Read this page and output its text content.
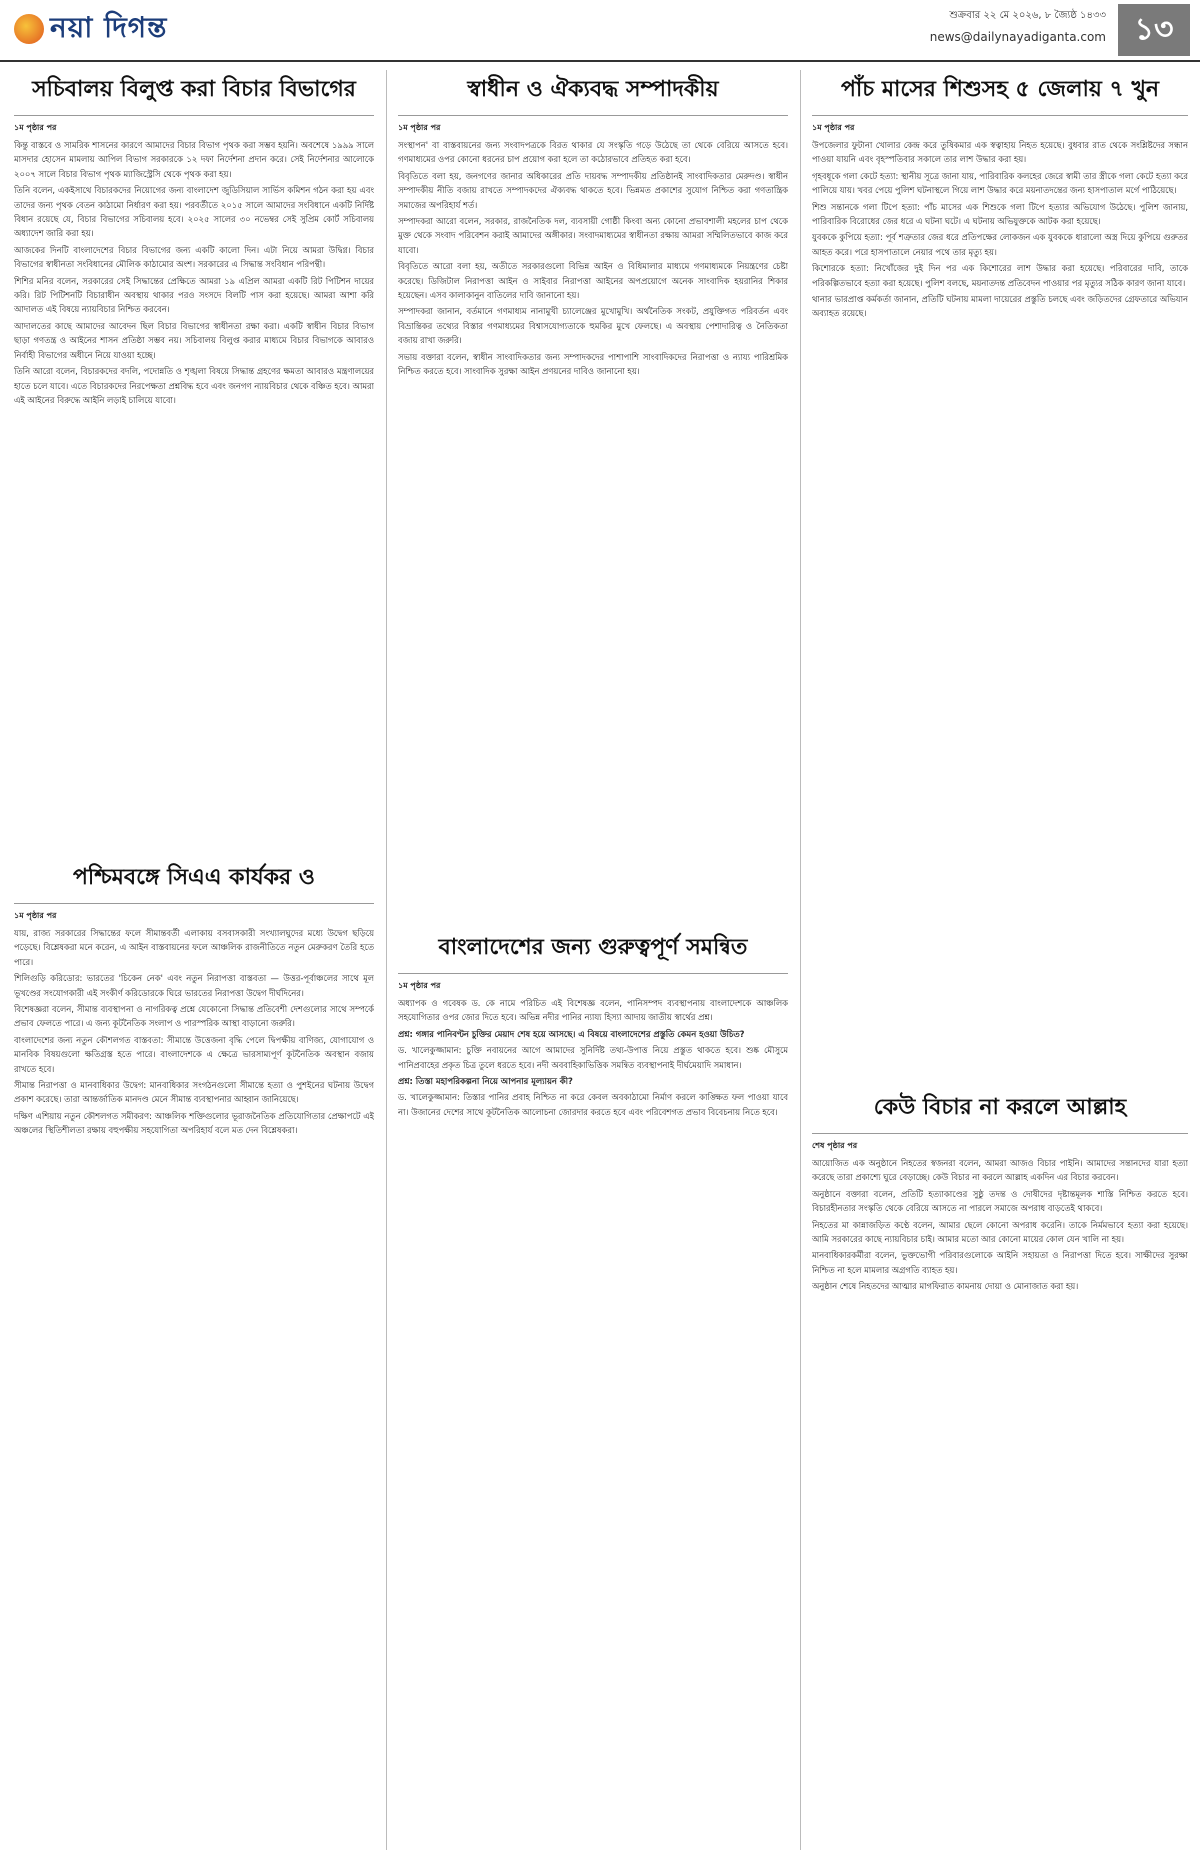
নয়া দিগন্ত	শুক্রবার ২২ মে ২০২৬, ৮ জ্যৈষ্ঠ ১৪৩৩
news@dailynayadiganta.com ১৩
সচিবালয় বিলুপ্ত করা বিচার বিভাগের
১ম পৃষ্ঠার পর

কিন্তু বাস্তবে ও সামরিক শাসনের কারণে আমাদের বিচার বিভাগ পৃথক করা সম্ভব হয়নি। অবশেষে ১৯৯৯ সালে মাসদার হোসেন মামলায় আপিল বিভাগ সরকারকে ১২ দফা নির্দেশনা প্রদান করে। সেই নির্দেশনার আলোকে ২০০৭ সালে বিচার বিভাগ পৃথক ম্যাজিস্ট্রেসি থেকে পৃথক করা হয়।

তিনি বলেন, একইসাথে বিচারকদের নিয়োগের জন্য বাংলাদেশ জুডিসিয়াল সার্ভিস কমিশন গঠন করা হয় এবং তাদের জন্য পৃথক বেতন কাঠামো নির্ধারণ করা হয়। পরবর্তীতে ২০১৫ সালে আমাদের সংবিধানে একটি নির্দিষ্ট বিধান রয়েছে যে, বিচার বিভাগের সচিবালয় হবে। ২০২৫ সালের ৩০ নভেম্বর সেই সুপ্রিম কোর্ট সচিবালয় অধ্যাদেশ জারি করা হয়।

আজকের দিনটি বাংলাদেশের বিচার বিভাগের জন্য একটি কালো দিন। এটা নিয়ে আমরা উদ্বিগ্ন। বিচার বিভাগের স্বাধীনতা সংবিধানের মৌলিক কাঠামোর অংশ। সরকারের এ সিদ্ধান্ত সংবিধান পরিপন্থী।

শিশির মনির বলেন, সরকারের সেই সিদ্ধান্তের প্রেক্ষিতে আমরা ১৯ এপ্রিল আমরা একটি রিট পিটিশন দায়ের করি। রিট পিটিশনটি বিচারাধীন অবস্থায় থাকার পরও সংসদে বিলটি পাস করা হয়েছে। আমরা আশা করি আদালত এই বিষয়ে ন্যায়বিচার নিশ্চিত করবেন।

আদালতের কাছে আমাদের আবেদন ছিল বিচার বিভাগের স্বাধীনতা রক্ষা করা। একটি স্বাধীন বিচার বিভাগ ছাড়া গণতন্ত্র ও আইনের শাসন প্রতিষ্ঠা সম্ভব নয়। সচিবালয় বিলুপ্ত করার মাধ্যমে বিচার বিভাগকে আবারও নির্বাহী বিভাগের অধীনে নিয়ে যাওয়া হচ্ছে।

তিনি আরো বলেন, বিচারকদের বদলি, পদোন্নতি ও শৃঙ্খলা বিষয়ে সিদ্ধান্ত গ্রহণের ক্ষমতা আবারও মন্ত্রণালয়ের হাতে চলে যাবে। এতে বিচারকদের নিরপেক্ষতা প্রশ্নবিদ্ধ হবে এবং জনগণ ন্যায়বিচার থেকে বঞ্চিত হবে। আমরা এই আইনের বিরুদ্ধে আইনি লড়াই চালিয়ে যাবো।

পশ্চিমবঙ্গে সিএএ কার্যকর ও
১ম পৃষ্ঠার পর

যায়, রাজ্য সরকারের সিদ্ধান্তের ফলে সীমান্তবর্তী এলাকায় বসবাসকারী সংখ্যালঘুদের মধ্যে উদ্বেগ ছড়িয়ে পড়েছে। বিশ্লেষকরা মনে করেন, এ আইন বাস্তবায়নের ফলে আঞ্চলিক রাজনীতিতে নতুন মেরুকরণ তৈরি হতে পারে।

শিলিগুড়ি করিডোর: ভারতের 'চিকেন নেক' এবং নতুন নিরাপত্তা বাস্তবতা — উত্তর-পূর্বাঞ্চলের সাথে মূল ভূখণ্ডের সংযোগকারী এই সংকীর্ণ করিডোরকে ঘিরে ভারতের নিরাপত্তা উদ্বেগ দীর্ঘদিনের।

বিশেষজ্ঞরা বলেন, সীমান্ত ব্যবস্থাপনা ও নাগরিকত্ব প্রশ্নে যেকোনো সিদ্ধান্ত প্রতিবেশী দেশগুলোর সাথে সম্পর্কে প্রভাব ফেলতে পারে। এ জন্য কূটনৈতিক সংলাপ ও পারস্পরিক আস্থা বাড়ানো জরুরি।

বাংলাদেশের জন্য নতুন কৌশলগত বাস্তবতা: সীমান্তে উত্তেজনা বৃদ্ধি পেলে দ্বিপক্ষীয় বাণিজ্য, যোগাযোগ ও মানবিক বিষয়গুলো ক্ষতিগ্রস্ত হতে পারে। বাংলাদেশকে এ ক্ষেত্রে ভারসাম্যপূর্ণ কূটনৈতিক অবস্থান বজায় রাখতে হবে।

সীমান্ত নিরাপত্তা ও মানবাধিকার উদ্বেগ: মানবাধিকার সংগঠনগুলো সীমান্তে হত্যা ও পুশইনের ঘটনায় উদ্বেগ প্রকাশ করেছে। তারা আন্তর্জাতিক মানদণ্ড মেনে সীমান্ত ব্যবস্থাপনার আহ্বান জানিয়েছে।

দক্ষিণ এশিয়ায় নতুন কৌশলগত সমীকরণ: আঞ্চলিক শক্তিগুলোর ভূরাজনৈতিক প্রতিযোগিতার প্রেক্ষাপটে এই অঞ্চলের স্থিতিশীলতা রক্ষায় বহুপক্ষীয় সহযোগিতা অপরিহার্য বলে মত দেন বিশ্লেষকরা।

স্বাধীন ও ঐক্যবদ্ধ সম্পাদকীয়
১ম পৃষ্ঠার পর

সংস্থাপন' বা বাস্তবায়নের জন্য সংবাদপত্রকে বিরত থাকার যে সংস্কৃতি গড়ে উঠেছে তা থেকে বেরিয়ে আসতে হবে। গণমাধ্যমের ওপর কোনো ধরনের চাপ প্রয়োগ করা হলে তা কঠোরভাবে প্রতিহত করা হবে।

বিবৃতিতে বলা হয়, জনগণের জানার অধিকারের প্রতি দায়বদ্ধ সম্পাদকীয় প্রতিষ্ঠানই সাংবাদিকতার মেরুদণ্ড। স্বাধীন সম্পাদকীয় নীতি বজায় রাখতে সম্পাদকদের ঐক্যবদ্ধ থাকতে হবে। ভিন্নমত প্রকাশের সুযোগ নিশ্চিত করা গণতান্ত্রিক সমাজের অপরিহার্য শর্ত।

সম্পাদকরা আরো বলেন, সরকার, রাজনৈতিক দল, ব্যবসায়ী গোষ্ঠী কিংবা অন্য কোনো প্রভাবশালী মহলের চাপ থেকে মুক্ত থেকে সংবাদ পরিবেশন করাই আমাদের অঙ্গীকার। সংবাদমাধ্যমের স্বাধীনতা রক্ষায় আমরা সম্মিলিতভাবে কাজ করে যাবো।

বিবৃতিতে আরো বলা হয়, অতীতে সরকারগুলো বিভিন্ন আইন ও বিধিমালার মাধ্যমে গণমাধ্যমকে নিয়ন্ত্রণের চেষ্টা করেছে। ডিজিটাল নিরাপত্তা আইন ও সাইবার নিরাপত্তা আইনের অপপ্রয়োগে অনেক সাংবাদিক হয়রানির শিকার হয়েছেন। এসব কালাকানুন বাতিলের দাবি জানানো হয়।

সম্পাদকরা জানান, বর্তমানে গণমাধ্যম নানামুখী চ্যালেঞ্জের মুখোমুখি। অর্থনৈতিক সংকট, প্রযুক্তিগত পরিবর্তন এবং বিভ্রান্তিকর তথ্যের বিস্তার গণমাধ্যমের বিশ্বাসযোগ্যতাকে হুমকির মুখে ফেলছে। এ অবস্থায় পেশাদারিত্ব ও নৈতিকতা বজায় রাখা জরুরি।

সভায় বক্তারা বলেন, স্বাধীন সাংবাদিকতার জন্য সম্পাদকদের পাশাপাশি সাংবাদিকদের নিরাপত্তা ও ন্যায্য পারিশ্রমিক নিশ্চিত করতে হবে। সাংবাদিক সুরক্ষা আইন প্রণয়নের দাবিও জানানো হয়।

বাংলাদেশের জন্য গুরুত্বপূর্ণ সমন্বিত
১ম পৃষ্ঠার পর

অধ্যাপক ও গবেষক ড. কে নামে পরিচিত এই বিশেষজ্ঞ বলেন, পানিসম্পদ ব্যবস্থাপনায় বাংলাদেশকে আঞ্চলিক সহযোগিতার ওপর জোর দিতে হবে। অভিন্ন নদীর পানির ন্যায্য হিস্যা আদায় জাতীয় স্বার্থের প্রশ্ন।

প্রশ্ন: গঙ্গার পানিবণ্টন চুক্তির মেয়াদ শেষ হয়ে আসছে। এ বিষয়ে বাংলাদেশের প্রস্তুতি কেমন হওয়া উচিত?

ড. খালেকুজ্জামান: চুক্তি নবায়নের আগে আমাদের সুনির্দিষ্ট তথ্য-উপাত্ত নিয়ে প্রস্তুত থাকতে হবে। শুষ্ক মৌসুমে পানিপ্রবাহের প্রকৃত চিত্র তুলে ধরতে হবে। নদী অববাহিকাভিত্তিক সমন্বিত ব্যবস্থাপনাই দীর্ঘমেয়াদি সমাধান।

প্রশ্ন: তিস্তা মহাপরিকল্পনা নিয়ে আপনার মূল্যায়ন কী?

ড. খালেকুজ্জামান: তিস্তার পানির প্রবাহ নিশ্চিত না করে কেবল অবকাঠামো নির্মাণ করলে কাঙ্ক্ষিত ফল পাওয়া যাবে না। উজানের দেশের সাথে কূটনৈতিক আলোচনা জোরদার করতে হবে এবং পরিবেশগত প্রভাব বিবেচনায় নিতে হবে।

পাঁচ মাসের শিশুসহ ৫ জেলায় ৭ খুন
১ম পৃষ্ঠার পর

উপজেলার ফুটানা খোলার কেন্দ্র করে তুষিকমার এক স্বত্বাহায় নিহত হয়েছে। বুধবার রাত থেকে সংশ্লিষ্টদের সন্ধান পাওয়া যায়নি এবং বৃহস্পতিবার সকালে তার লাশ উদ্ধার করা হয়।

গৃহবধূকে গলা কেটে হত্যা: স্থানীয় সূত্রে জানা যায়, পারিবারিক কলহের জেরে স্বামী তার স্ত্রীকে গলা কেটে হত্যা করে পালিয়ে যায়। খবর পেয়ে পুলিশ ঘটনাস্থলে গিয়ে লাশ উদ্ধার করে ময়নাতদন্তের জন্য হাসপাতাল মর্গে পাঠিয়েছে।

শিশু সন্তানকে গলা টিপে হত্যা: পাঁচ মাসের এক শিশুকে গলা টিপে হত্যার অভিযোগ উঠেছে। পুলিশ জানায়, পারিবারিক বিরোধের জের ধরে এ ঘটনা ঘটে। এ ঘটনায় অভিযুক্তকে আটক করা হয়েছে।

যুবককে কুপিয়ে হত্যা: পূর্ব শত্রুতার জের ধরে প্রতিপক্ষের লোকজন এক যুবককে ধারালো অস্ত্র দিয়ে কুপিয়ে গুরুতর আহত করে। পরে হাসপাতালে নেয়ার পথে তার মৃত্যু হয়।

কিশোরকে হত্যা: নিখোঁজের দুই দিন পর এক কিশোরের লাশ উদ্ধার করা হয়েছে। পরিবারের দাবি, তাকে পরিকল্পিতভাবে হত্যা করা হয়েছে। পুলিশ বলছে, ময়নাতদন্ত প্রতিবেদন পাওয়ার পর মৃত্যুর সঠিক কারণ জানা যাবে।

থানার ভারপ্রাপ্ত কর্মকর্তা জানান, প্রতিটি ঘটনায় মামলা দায়েরের প্রস্তুতি চলছে এবং জড়িতদের গ্রেফতারে অভিযান অব্যাহত রয়েছে।

কেউ বিচার না করলে আল্লাহ
শেষ পৃষ্ঠার পর

আয়োজিত এক অনুষ্ঠানে নিহতের স্বজনরা বলেন, আমরা আজও বিচার পাইনি। আমাদের সন্তানদের যারা হত্যা করেছে তারা প্রকাশ্যে ঘুরে বেড়াচ্ছে। কেউ বিচার না করলে আল্লাহ একদিন এর বিচার করবেন।

অনুষ্ঠানে বক্তারা বলেন, প্রতিটি হত্যাকাণ্ডের সুষ্ঠু তদন্ত ও দোষীদের দৃষ্টান্তমূলক শাস্তি নিশ্চিত করতে হবে। বিচারহীনতার সংস্কৃতি থেকে বেরিয়ে আসতে না পারলে সমাজে অপরাধ বাড়তেই থাকবে।

নিহতের মা কান্নাজড়িত কণ্ঠে বলেন, আমার ছেলে কোনো অপরাধ করেনি। তাকে নির্মমভাবে হত্যা করা হয়েছে। আমি সরকারের কাছে ন্যায়বিচার চাই। আমার মতো আর কোনো মায়ের কোল যেন খালি না হয়।

মানবাধিকারকর্মীরা বলেন, ভুক্তভোগী পরিবারগুলোকে আইনি সহায়তা ও নিরাপত্তা দিতে হবে। সাক্ষীদের সুরক্ষা নিশ্চিত না হলে মামলার অগ্রগতি ব্যাহত হয়।

অনুষ্ঠান শেষে নিহতদের আত্মার মাগফিরাত কামনায় দোয়া ও মোনাজাত করা হয়।
